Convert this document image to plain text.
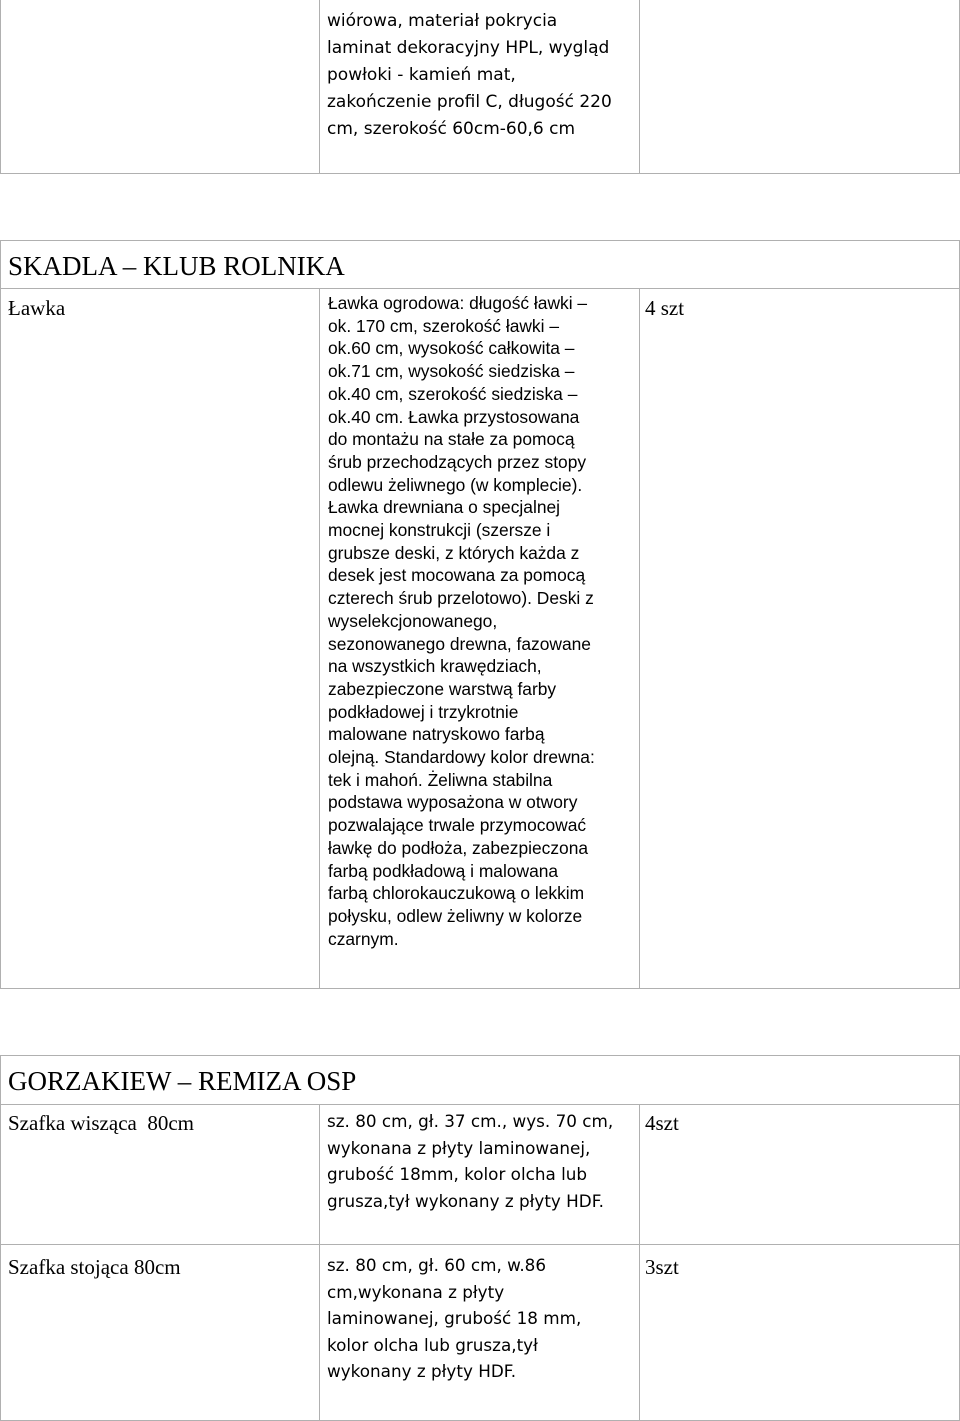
wiórowa, materiał pokrycia
laminat dekoracyjny HPL, wygląd
powłoki - kamień mat,
zakończenie profil C, długość 220
cm, szerokość 60cm-60,6 cm
SKADLA – KLUB ROLNIKA
Ławka	Ławka ogrodowa: długość ławki –
ok. 170 cm, szerokość ławki –
ok.60 cm, wysokość całkowita –
ok.71 cm, wysokość siedziska –
ok.40 cm, szerokość siedziska –
ok.40 cm. Ławka przystosowana
do montażu na stałe za pomocą
śrub przechodzących przez stopy
odlewu żeliwnego (w komplecie).
Ławka drewniana o specjalnej
mocnej konstrukcji (szersze i
grubsze deski, z których każda z
desek jest mocowana za pomocą
czterech śrub przelotowo). Deski z
wyselekcjonowanego,
sezonowanego drewna, fazowane
na wszystkich krawędziach,
zabezpieczone warstwą farby
podkładowej i trzykrotnie
malowane natryskowo farbą
olejną. Standardowy kolor drewna:
tek i mahoń. Żeliwna stabilna
podstawa wyposażona w otwory
pozwalające trwale przymocować
ławkę do podłoża, zabezpieczona
farbą podkładową i malowana
farbą chlorokauczukową o lekkim
połysku, odlew żeliwny w kolorze
czarnym.
4 szt
GORZAKIEW – REMIZA OSP
Szafka wisząca  80cm	sz. 80 cm, gł. 37 cm., wys. 70 cm,
wykonana z płyty laminowanej,
grubość 18mm, kolor olcha lub
grusza,tył wykonany z płyty HDF.
4szt
Szafka stojąca 80cm	sz. 80 cm, gł. 60 cm, w.86
cm,wykonana z płyty
laminowanej, grubość 18 mm,
kolor olcha lub grusza,tył
wykonany z płyty HDF.
3szt
